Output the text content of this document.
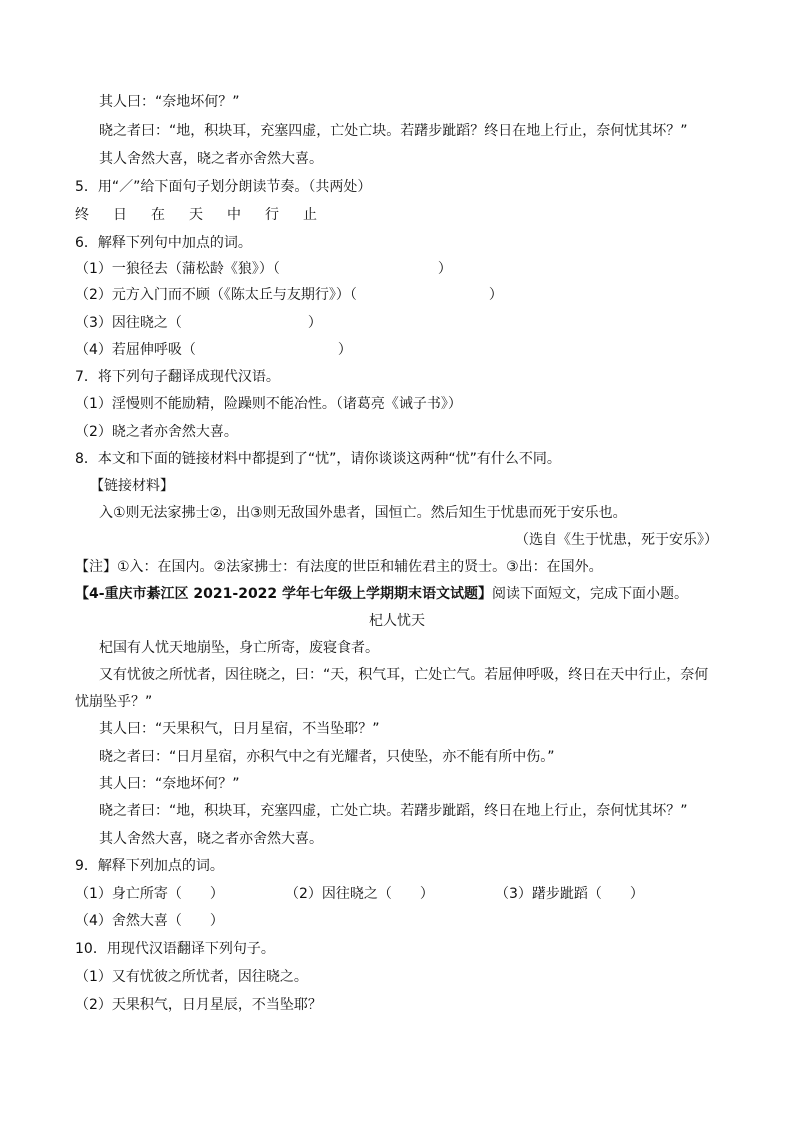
其人曰：“奈地坏何？”
晓之者曰：“地，积块耳，充塞四虚，亡处亡块。若躇步跐蹈？终日在地上行止，奈何忧其坏？”
其人舍然大喜，晓之者亦舍然大喜。
5．用“／”给下面句子划分朗读节奏。（共两处）
终 日 在 天 中 行 止
6．解释下列句中加点的词。
（1）一狼径去（蒲松龄《狼》）（	）
（2）元方入门而不顾（《陈太丘与友期行》）（	）
（3）因往晓之（	）
（4）若屈伸呼吸（	）
7．将下列句子翻译成现代汉语。
（1）淫慢则不能励精，险躁则不能冶性。（诸葛亮《诫子书》）
（2）晓之者亦舍然大喜。
8．本文和下面的链接材料中都提到了“忧”，请你谈谈这两种“忧”有什么不同。
【链接材料】
入①则无法家拂士②，出③则无敌国外患者，国恒亡。然后知生于忧患而死于安乐也。
（选自《生于忧患，死于安乐》）
【注】①入：在国内。②法家拂士：有法度的世臣和辅佐君主的贤士。③出：在国外。
【4-重庆市綦江区 2021-2022 学年七年级上学期期末语文试题】阅读下面短文，完成下面小题。
杞人忧天
杞国有人忧天地崩坠，身亡所寄，废寝食者。
又有忧彼之所忧者，因往晓之，曰：“天，积气耳，亡处亡气。若屈伸呼吸，终日在天中行止，奈何
忧崩坠乎？”
其人曰：“天果积气，日月星宿，不当坠耶？”
晓之者曰：“日月星宿，亦积气中之有光耀者，只使坠，亦不能有所中伤。”
其人曰：“奈地坏何？”
晓之者曰：“地，积块耳，充塞四虚，亡处亡块。若躇步跐蹈，终日在地上行止，奈何忧其坏？”
其人舍然大喜，晓之者亦舍然大喜。
9．解释下列加点的词。
（1）身亡所寄（ ）	（2）因往晓之（ ）	（3）躇步跐蹈（ ）
（4）舍然大喜（ ）
10．用现代汉语翻译下列句子。
（1）又有忧彼之所忧者，因往晓之。
（2）天果积气，日月星辰，不当坠耶？
